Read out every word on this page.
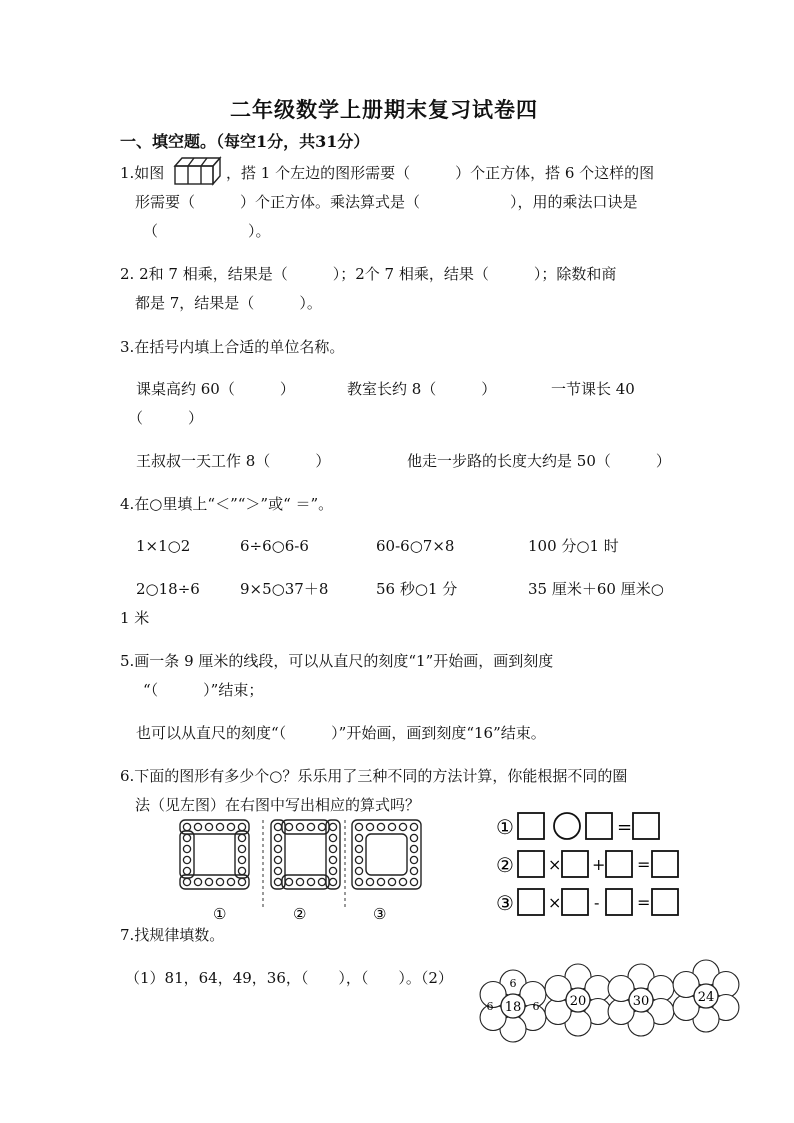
二年级数学上册期末复习试卷四
一、填空题。（每空1分，共31分）
1.如图	，搭 1 个左边的图形需要（　　　）个正方体，搭 6 个这样的图
形需要（　　　）个正方体。乘法算式是（　　　　　　），用的乘法口诀是
（　　　　　　）。
2. 2和 7 相乘，结果是（　　　）；2个 7 相乘，结果（　　　）；除数和商
都是 7，结果是（　　　）。
3.在括号内填上合适的单位名称。
课桌高约 60（　　　）	教室长约 8（　　　）	一节课长 40
（　　　）
王叔叔一天工作 8（　　　）	他走一步路的长度大约是 50（　　　）
4.在○里填上“＜”“＞”或“ ＝”。
1×1○2	6÷6○6-6	60-6○7×8	100 分○1 时
2○18÷6	9×5○37＋8	56 秒○1 分	35 厘米＋60 厘米○
1 米
5.画一条 9 厘米的线段，可以从直尺的刻度“1”开始画，画到刻度
“（　　　）”结束；
也可以从直尺的刻度“（　　　）”开始画，画到刻度“16”结束。
6.下面的图形有多少个○？乐乐用了三种不同的方法计算，你能根据不同的圈
法（见左图）在右图中写出相应的算式吗？
①	②	③
①	=
② × + =
③ × - =
7.找规律填数。
（1）81，64，49，36，（　　），（　　）。（2）
18
6
6	6 20	30	24
